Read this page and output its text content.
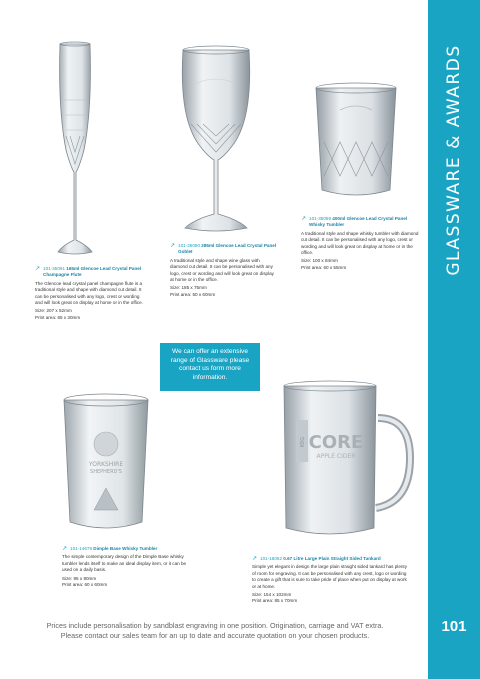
GLASSWARE & AWARDS
101
YORKSHIRE
SHEPHERD'S
KEG CORE
APPLE CIDER
↗ 101-35091 165ml Glencoe Lead Crystal Panel Champagne Flute

The Glencoe lead crystal panel champagne flute is a traditional style and shape with diamond cut detail. It can be personalised with any logo, crest or wording and will look great on display at home or in the office.

Size: 207 x 52mm
Print area: 65 x 30mm
↗ 101-35090 285ml Glencoe Lead Crystal Panel Goblet

A traditional style and shape wine glass with diamond cut detail. It can be personalised with any logo, crest or wording and will look great on display at home or in the office.

Size: 185 x 75mm
Print area: 50 x 60mm
↗ 101-35089 400ml Glencoe Lead Crystal Panel Whisky Tumbler

A traditional style and shape whisky tumbler with diamond cut detail. It can be personalised with any logo, crest or wording and will look great on display at home or in the office.

Size: 100 x 84mm
Print area: 60 x 55mm
We can offer an extensive range of Glassware please contact us form more information.
↗ 101-14679 Dimple Base Whisky Tumbler

The simple contemporary design of the Dimple Base whisky tumbler lends itself to make an ideal display item, or it can be used on a daily basis.

Size: 95 x 80mm
Print area: 60 x 60mm
↗ 101-18062 0.67 Litre Large Plain Straight Sided Tankard

Simple yet elegant in design the large plain straight sided tankard has plenty of room for engraving. It can be personalised with any crest, logo or wording to create a gift that is sure to take pride of place when put on display at work or at home.

Size: 154 x 102mm
Print area: 85 x 70mm
Prices include personalisation by sandblast engraving in one position. Origination, carriage and VAT extra.
Please contact our sales team for an up to date and accurate quotation on your chosen products.
